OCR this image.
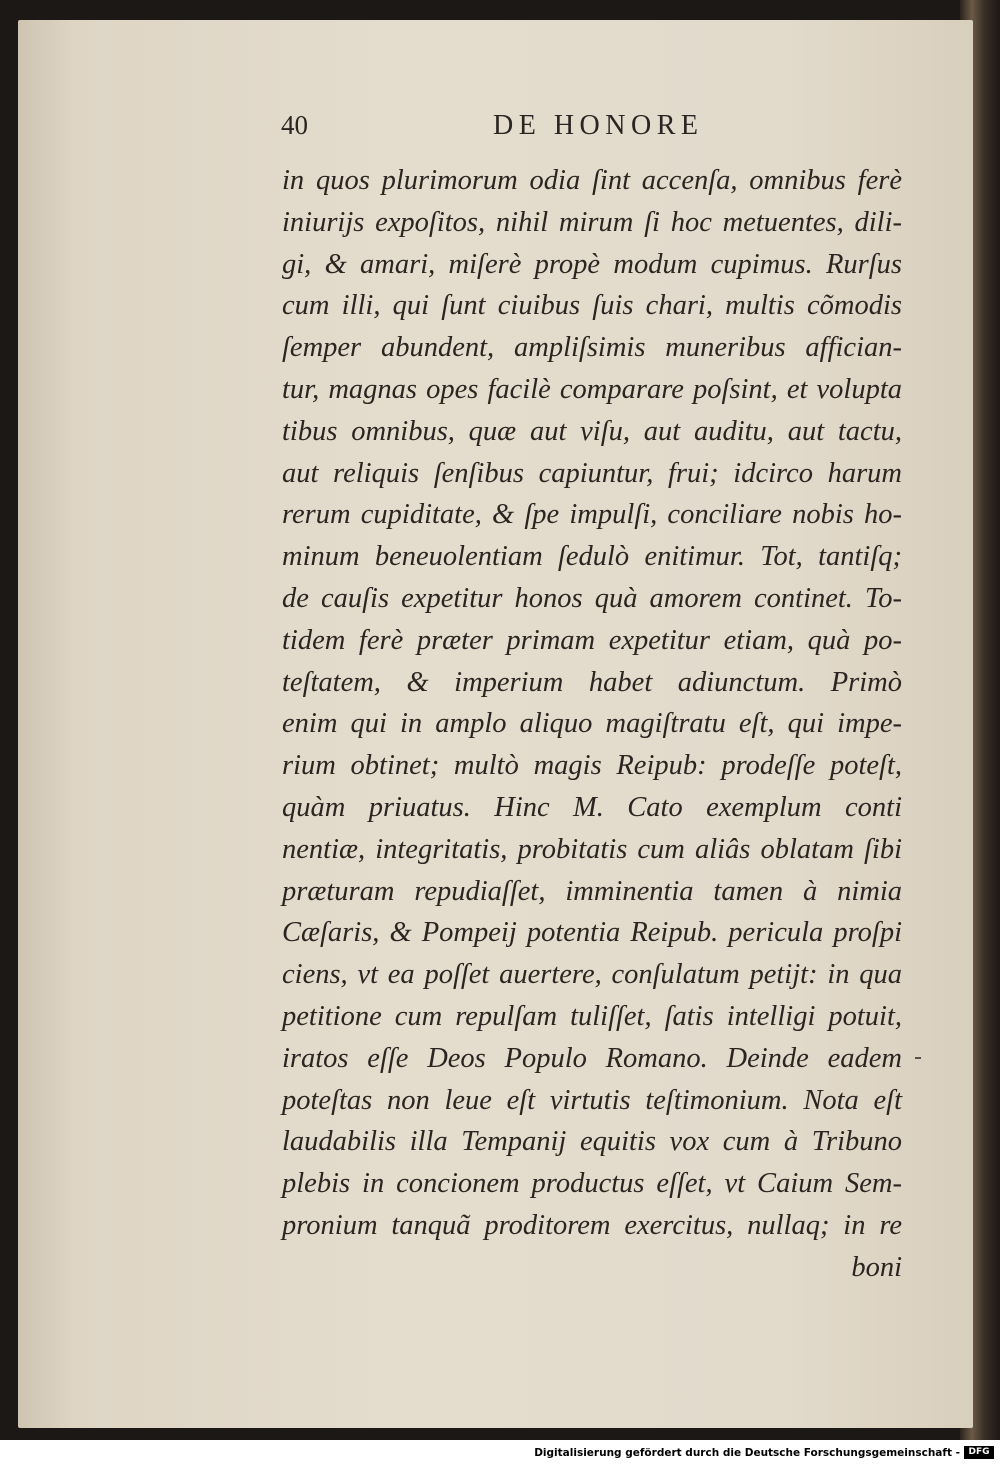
40	DE HONORE
in quos plurimorum odia ſint accenſa, omnibus ferè
iniurijs expoſitos, nihil mirum ſi hoc metuentes, dili-
gi, & amari, miſerè propè modum cupimus. Rurſus
cum illi, qui ſunt ciuibus ſuis chari, multis cõmodis
ſemper abundent, ampliſsimis muneribus affician-
tur, magnas opes facilè comparare poſsint, et volupta
tibus omnibus, quæ aut viſu, aut auditu, aut tactu,
aut reliquis ſenſibus capiuntur, frui; idcirco harum
rerum cupiditate, & ſpe impulſi, conciliare nobis ho-
minum beneuolentiam ſedulò enitimur. Tot, tantiſq;
de cauſis expetitur honos quà amorem continet. To-
tidem ferè præter primam expetitur etiam, quà po-
teſtatem, & imperium habet adiunctum. Primò
enim qui in amplo aliquo magiſtratu eſt, qui impe-
rium obtinet; multò magis Reipub: prodeſſe poteſt,
quàm priuatus. Hinc M. Cato exemplum conti
nentiæ, integritatis, probitatis cum aliâs oblatam ſibi
præturam repudiaſſet, imminentia tamen à nimia
Cæſaris, & Pompeij potentia Reipub. pericula proſpi
ciens, vt ea poſſet auertere, conſulatum petijt: in qua
petitione cum repulſam tuliſſet, ſatis intelligi potuit,
iratos eſſe Deos Populo Romano. Deinde eadem
poteſtas non leue eſt virtutis teſtimonium. Nota eſt
laudabilis illa Tempanij equitis vox cum à Tribuno
plebis in concionem productus eſſet, vt Caium Sem-
pronium tanquã proditorem exercitus, nullaq; in re
boni
Digitalisierung gefördert durch die Deutsche Forschungsgemeinschaft - DFG
